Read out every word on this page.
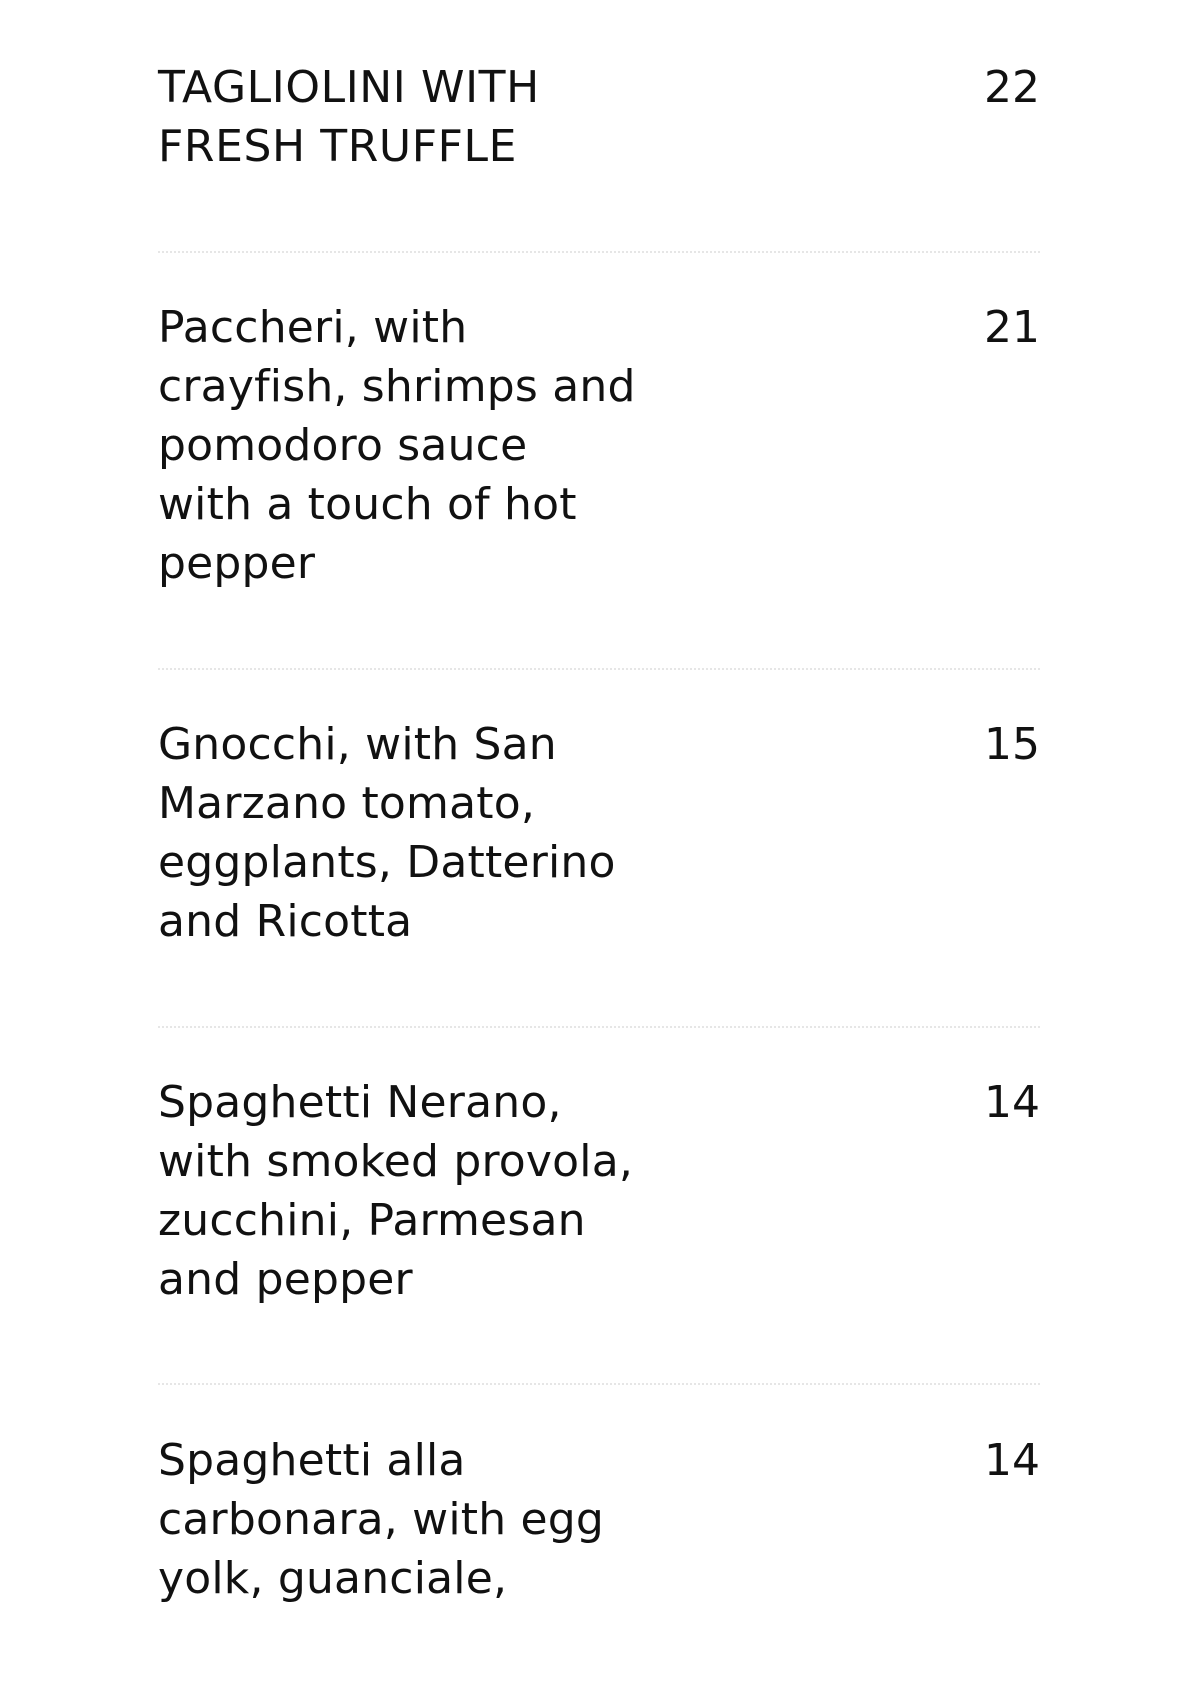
TAGLIOLINI WITH
FRESH TRUFFLE
22
Paccheri, with
crayfish, shrimps and
pomodoro sauce
with a touch of hot
pepper
21
Gnocchi, with San
Marzano tomato,
eggplants, Datterino
and Ricotta
15
Spaghetti Nerano,
with smoked provola,
zucchini, Parmesan
and pepper
14
Spaghetti alla
carbonara, with egg
yolk, guanciale,
14
